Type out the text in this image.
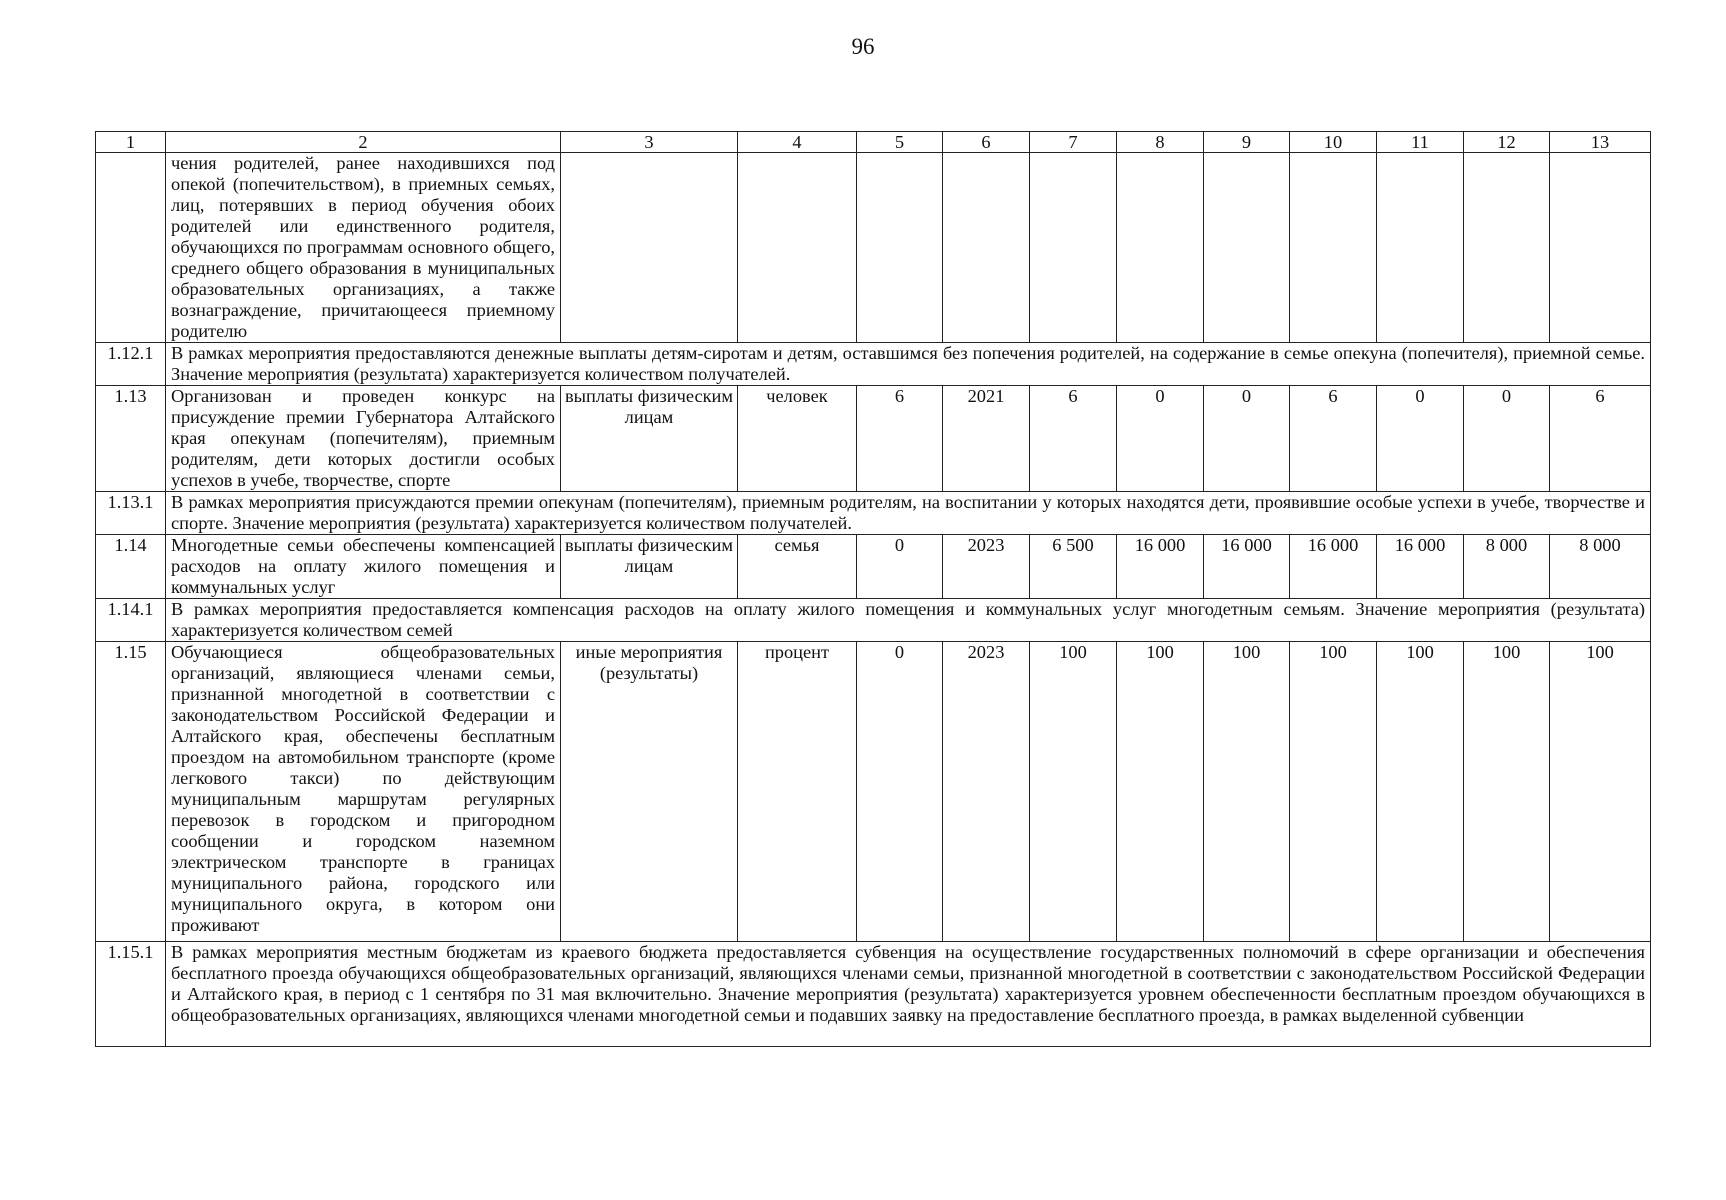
96
1	2	3	4	5	6	7	8	9	10	11	12	13
	чения родителей, ранее находившихся под опекой (попечительством), в приемных семьях, лиц, потерявших в период обучения обоих родителей или единственного родителя, обучающихся по программам основного общего, среднего общего образования в муниципальных образовательных организациях, а также вознаграждение, причитающееся приемному родителю											
1.12.1	В рамках мероприятия предоставляются денежные выплаты детям-сиротам и детям, оставшимся без попечения родителей, на содержание в семье опекуна (попечителя), приемной семье. Значение мероприятия (результата) характеризуется количеством получателей.											
1.13	Организован и проведен конкурс на присуждение премии Губернатора Алтайского края опекунам (попечителям), приемным родителям, дети которых достигли особых успехов в учебе, творчестве, спорте	выплаты физическим лицам	человек	6	2021	6	0	0	6	0	0	6
1.13.1	В рамках мероприятия присуждаются премии опекунам (попечителям), приемным родителям, на воспитании у которых находятся дети, проявившие особые успехи в учебе, творчестве и спорте. Значение мероприятия (результата) характеризуется количеством получателей.											
1.14	Многодетные семьи обеспечены компенсацией расходов на оплату жилого помещения и коммунальных услуг	выплаты физическим лицам	семья	0	2023	6 500	16 000	16 000	16 000	16 000	8 000	8 000
1.14.1	В рамках мероприятия предоставляется компенсация расходов на оплату жилого помещения и коммунальных услуг многодетным семьям. Значение мероприятия (результата) характеризуется количеством семей											
1.15	Обучающиеся общеобразовательных организаций, являющиеся членами семьи, признанной многодетной в соответствии с законодательством Российской Федерации и Алтайского края, обеспечены бесплатным проездом на автомобильном транспорте (кроме легкового такси) по действующим муниципальным маршрутам регулярных перевозок в городском и пригородном сообщении и городском наземном электрическом транспорте в границах муниципального района, городского или муниципального округа, в котором они проживают	иные мероприятия (результаты)	процент	0	2023	100	100	100	100	100	100	100
1.15.1	В рамках мероприятия местным бюджетам из краевого бюджета предоставляется субвенция на осуществление государственных полномочий в сфере организации и обеспечения бесплатного проезда обучающихся общеобразовательных организаций, являющихся членами семьи, признанной многодетной в соответствии с законодательством Российской Федерации и Алтайского края, в период с 1 сентября по 31 мая включительно. Значение мероприятия (результата) характеризуется уровнем обеспеченности бесплатным проездом обучающихся в общеобразовательных организациях, являющихся членами многодетной семьи и подавших заявку на предоставление бесплатного проезда, в рамках выделенной субвенции											
